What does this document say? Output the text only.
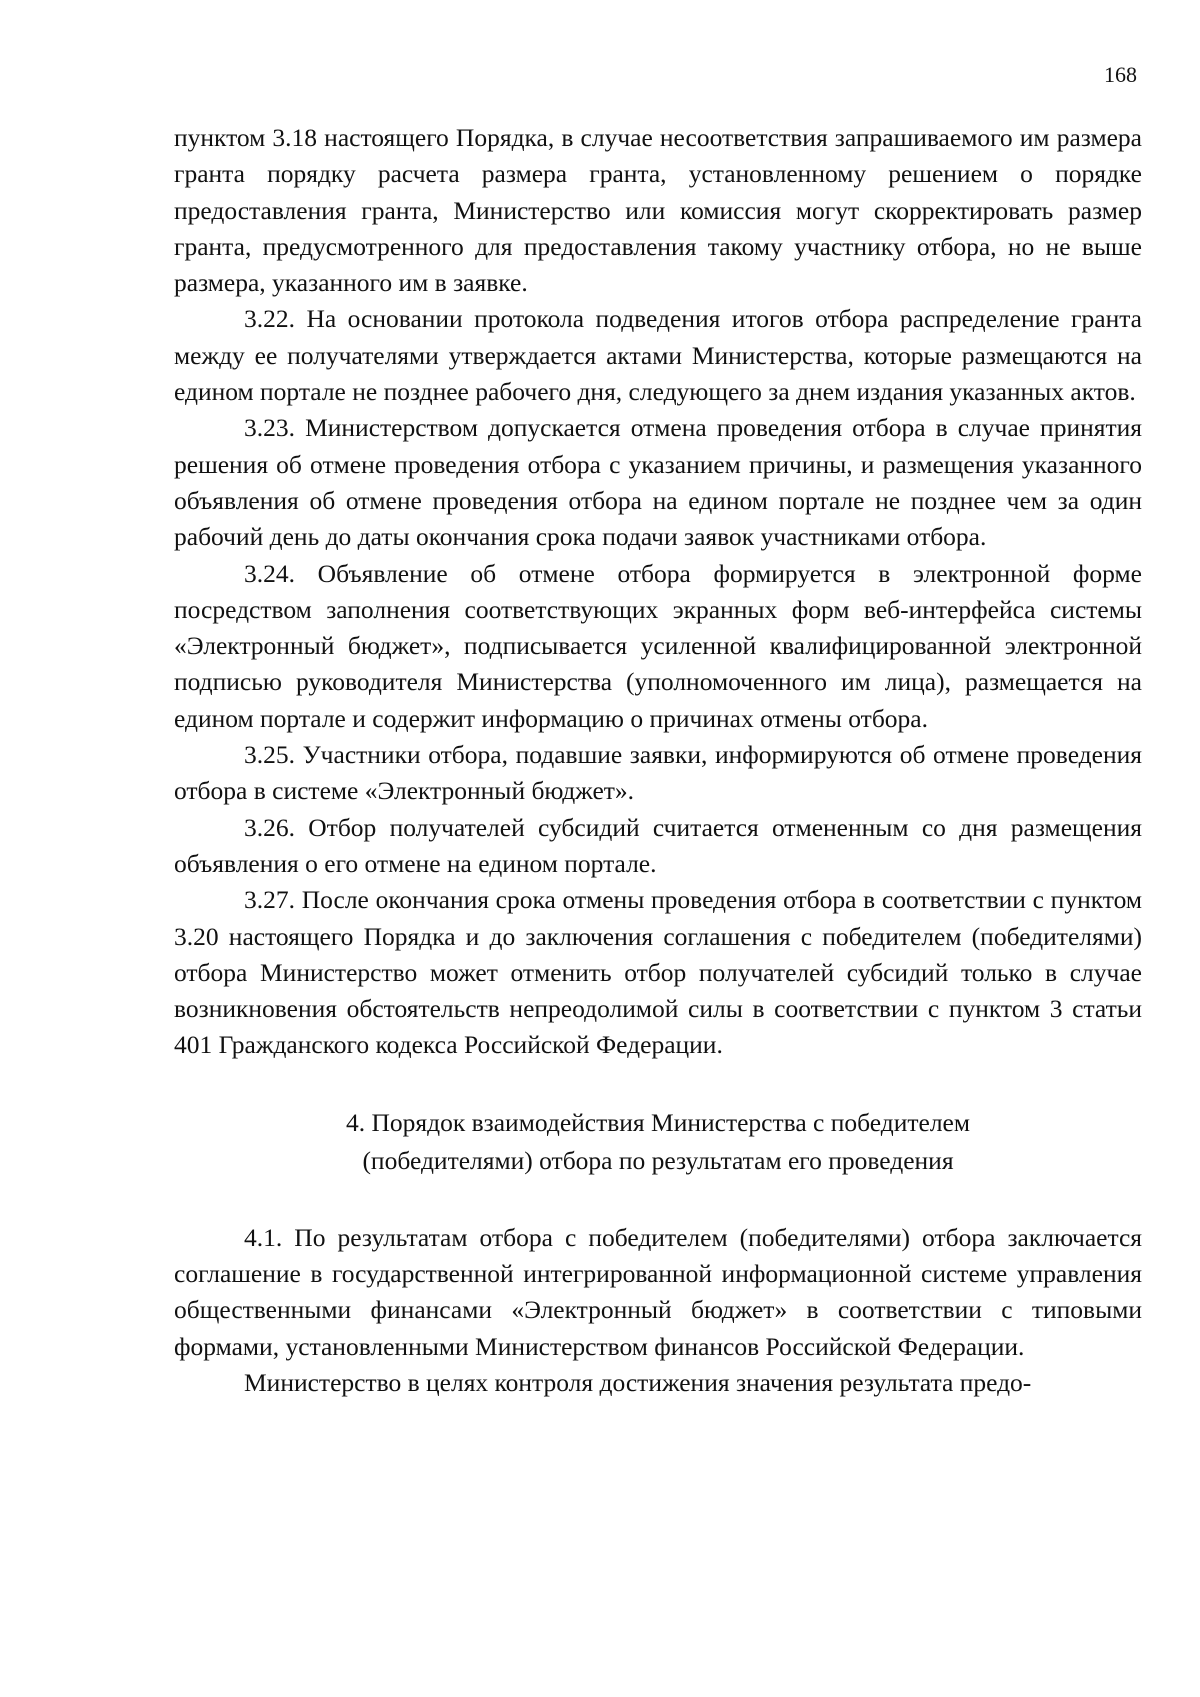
168

пунктом 3.18 настоящего Порядка, в случае несоответствия запрашиваемого им размера гранта порядку расчета размера гранта, установленному решением о порядке предоставления гранта, Министерство или комиссия могут скорректировать размер гранта, предусмотренного для предоставления такому участнику отбора, но не выше размера, указанного им в заявке.

3.22. На основании протокола подведения итогов отбора распределение гранта между ее получателями утверждается актами Министерства, которые размещаются на едином портале не позднее рабочего дня, следующего за днем издания указанных актов.

3.23. Министерством допускается отмена проведения отбора в случае принятия решения об отмене проведения отбора с указанием причины, и размещения указанного объявления об отмене проведения отбора на едином портале не позднее чем за один рабочий день до даты окончания срока подачи заявок участниками отбора.

3.24. Объявление об отмене отбора формируется в электронной форме посредством заполнения соответствующих экранных форм веб-интерфейса системы «Электронный бюджет», подписывается усиленной квалифицированной электронной подписью руководителя Министерства (уполномоченного им лица), размещается на едином портале и содержит информацию о причинах отмены отбора.

3.25. Участники отбора, подавшие заявки, информируются об отмене проведения отбора в системе «Электронный бюджет».

3.26. Отбор получателей субсидий считается отмененным со дня размещения объявления о его отмене на едином портале.

3.27. После окончания срока отмены проведения отбора в соответствии с пунктом 3.20 настоящего Порядка и до заключения соглашения с победителем (победителями) отбора Министерство может отменить отбор получателей субсидий только в случае возникновения обстоятельств непреодолимой силы в соответствии с пунктом 3 статьи 401 Гражданского кодекса Российской Федерации.

4. Порядок взаимодействия Министерства с победителем
(победителями) отбора по результатам его проведения

4.1. По результатам отбора с победителем (победителями) отбора заключается соглашение в государственной интегрированной информационной системе управления общественными финансами «Электронный бюджет» в соответствии с типовыми формами, установленными Министерством финансов Российской Федерации.

Министерство в целях контроля достижения значения результата предо-
